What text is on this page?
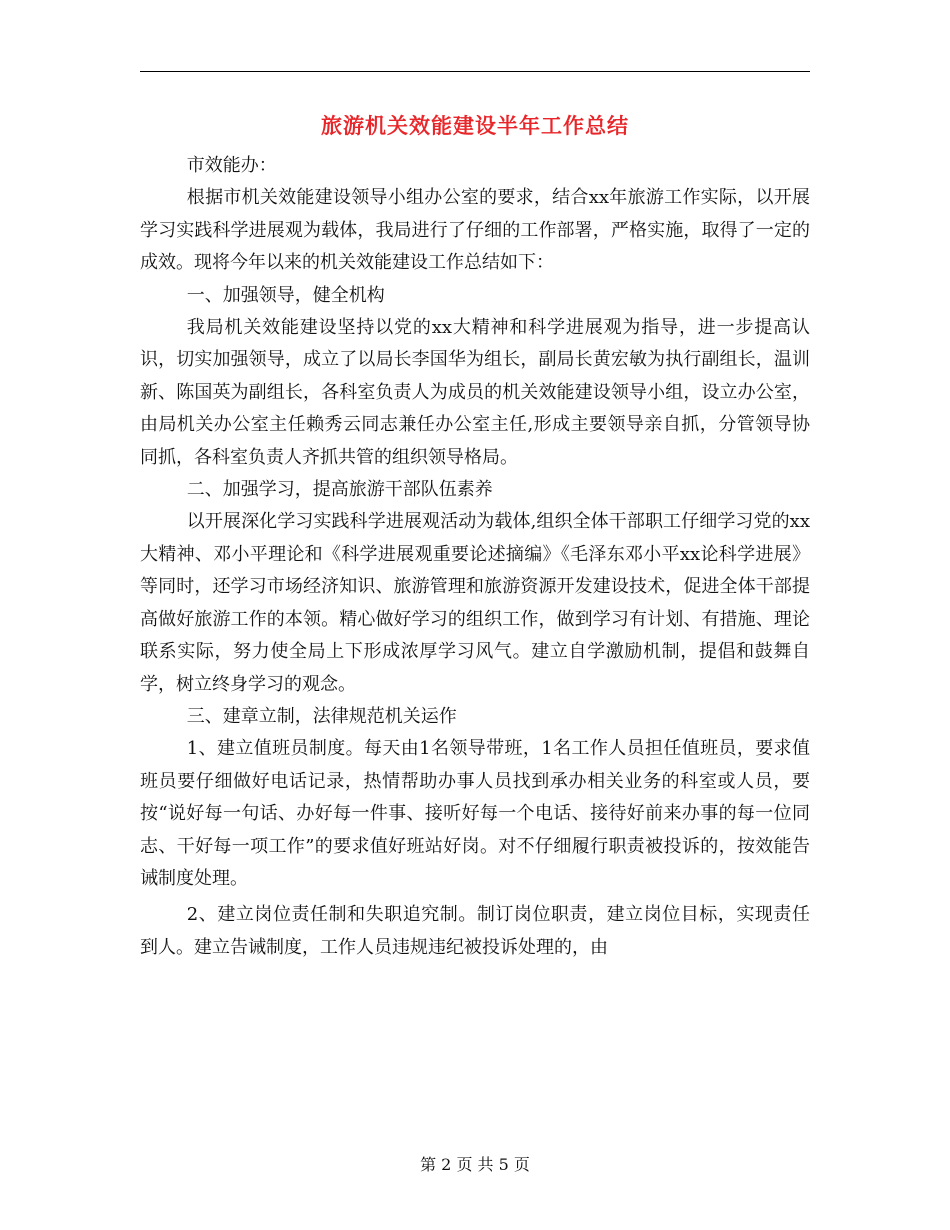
旅游机关效能建设半年工作总结

市效能办：

根据市机关效能建设领导小组办公室的要求，结合xx年旅游工作实际，以开展学习实践科学进展观为载体，我局进行了仔细的工作部署，严格实施，取得了一定的成效。现将今年以来的机关效能建设工作总结如下：

一、加强领导，健全机构

我局机关效能建设坚持以党的xx大精神和科学进展观为指导，进一步提高认识，切实加强领导，成立了以局长李国华为组长，副局长黄宏敏为执行副组长，温训新、陈国英为副组长，各科室负责人为成员的机关效能建设领导小组，设立办公室，由局机关办公室主任赖秀云同志兼任办公室主任,形成主要领导亲自抓，分管领导协同抓，各科室负责人齐抓共管的组织领导格局。

二、加强学习，提高旅游干部队伍素养

以开展深化学习实践科学进展观活动为载体,组织全体干部职工仔细学习党的xx大精神、邓小平理论和《科学进展观重要论述摘编》《毛泽东邓小平xx论科学进展》等同时，还学习市场经济知识、旅游管理和旅游资源开发建设技术，促进全体干部提高做好旅游工作的本领。精心做好学习的组织工作，做到学习有计划、有措施、理论联系实际，努力使全局上下形成浓厚学习风气。建立自学激励机制，提倡和鼓舞自学，树立终身学习的观念。

三、建章立制，法律规范机关运作

1、建立值班员制度。每天由1名领导带班，1名工作人员担任值班员，要求值班员要仔细做好电话记录，热情帮助办事人员找到承办相关业务的科室或人员，要按“说好每一句话、办好每一件事、接听好每一个电话、接待好前来办事的每一位同志、干好每一项工作”的要求值好班站好岗。对不仔细履行职责被投诉的，按效能告诫制度处理。

2、建立岗位责任制和失职追究制。制订岗位职责，建立岗位目标，实现责任到人。建立告诫制度，工作人员违规违纪被投诉处理的，由

第 2 页 共 5 页
